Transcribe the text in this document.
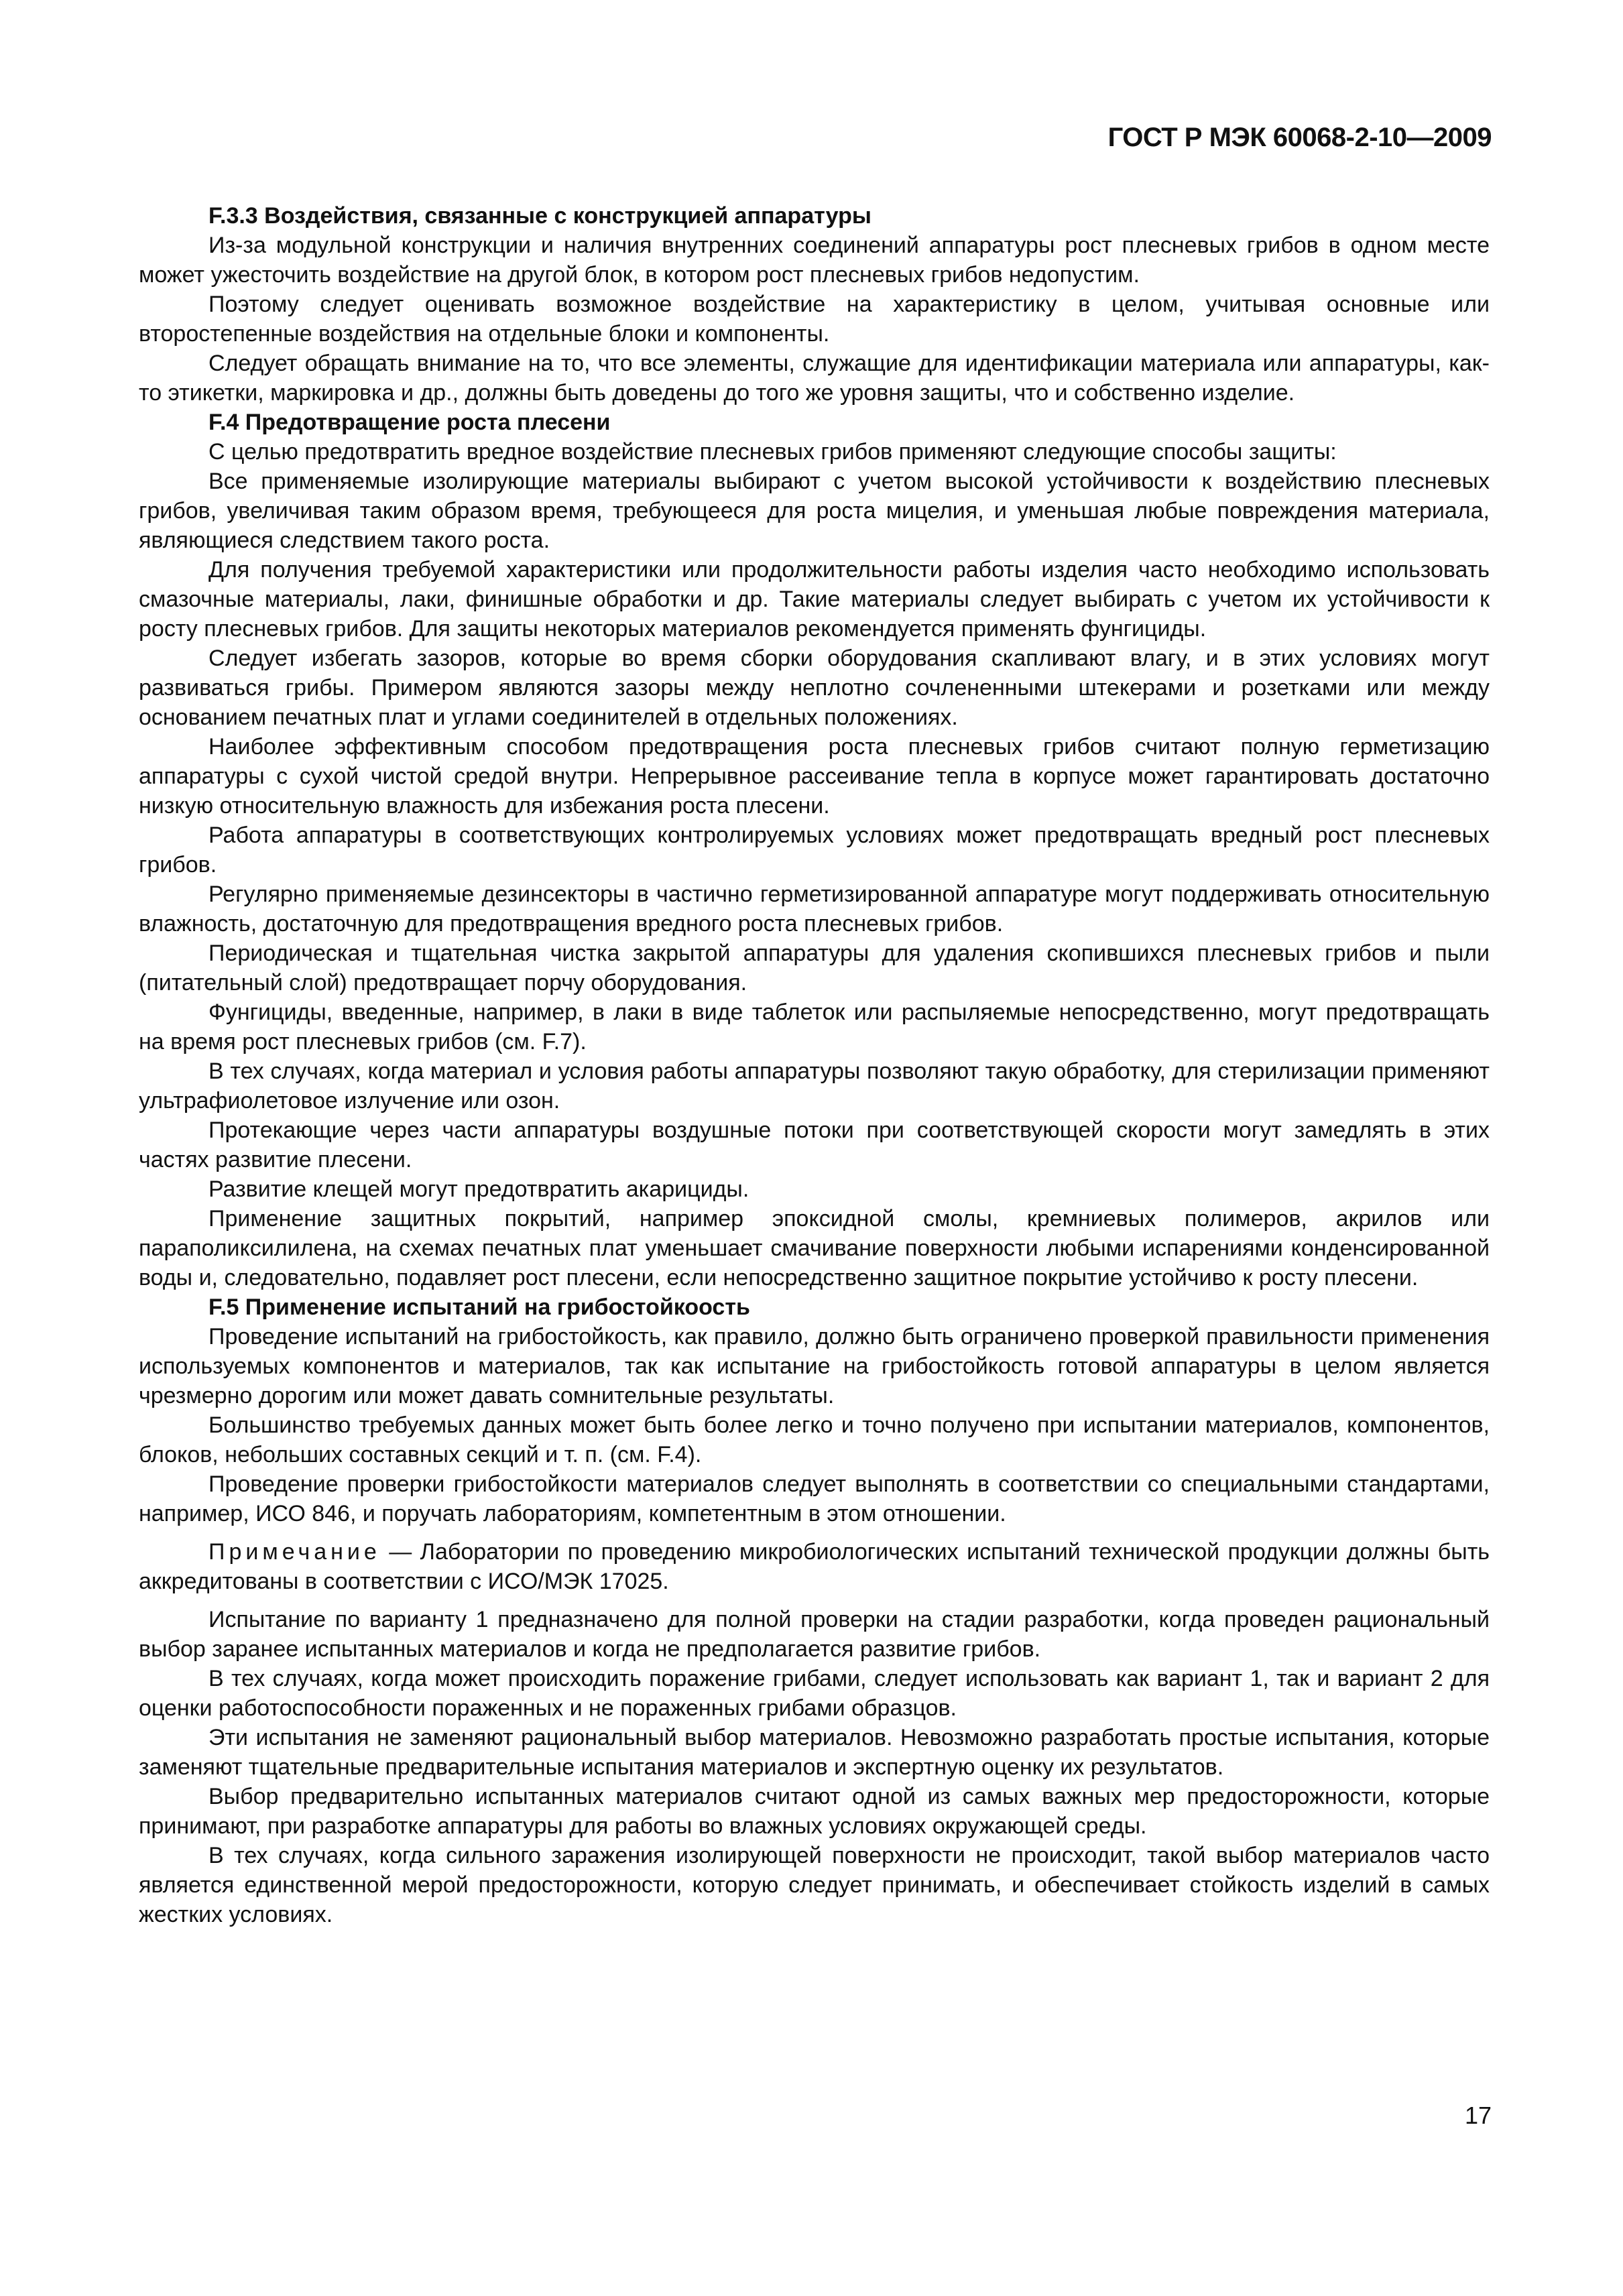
ГОСТ Р МЭК 60068-2-10—2009
F.3.3 Воздействия, связанные с конструкцией аппаратуры

Из-за модульной конструкции и наличия внутренних соединений аппаратуры рост плесневых грибов в одном месте может ужесточить воздействие на другой блок, в котором рост плесневых грибов недопустим.

Поэтому следует оценивать возможное воздействие на характеристику в целом, учитывая основные или второстепенные воздействия на отдельные блоки и компоненты.

Следует обращать внимание на то, что все элементы, служащие для идентификации материала или аппаратуры, как-то этикетки, маркировка и др., должны быть доведены до того же уровня защиты, что и собственно изделие.

F.4 Предотвращение роста плесени

С целью предотвратить вредное воздействие плесневых грибов применяют следующие способы защиты:

Все применяемые изолирующие материалы выбирают с учетом высокой устойчивости к воздействию плесневых грибов, увеличивая таким образом время, требующееся для роста мицелия, и уменьшая любые повреждения материала, являющиеся следствием такого роста.

Для получения требуемой характеристики или продолжительности работы изделия часто необходимо использовать смазочные материалы, лаки, финишные обработки и др. Такие материалы следует выбирать с учетом их устойчивости к росту плесневых грибов. Для защиты некоторых материалов рекомендуется применять фунгициды.

Следует избегать зазоров, которые во время сборки оборудования скапливают влагу, и в этих условиях могут развиваться грибы. Примером являются зазоры между неплотно сочлененными штекерами и розетками или между основанием печатных плат и углами соединителей в отдельных положениях.

Наиболее эффективным способом предотвращения роста плесневых грибов считают полную герметизацию аппаратуры с сухой чистой средой внутри. Непрерывное рассеивание тепла в корпусе может гарантировать достаточно низкую относительную влажность для избежания роста плесени.

Работа аппаратуры в соответствующих контролируемых условиях может предотвращать вредный рост плесневых грибов.

Регулярно применяемые дезинсекторы в частично герметизированной аппаратуре могут поддерживать относительную влажность, достаточную для предотвращения вредного роста плесневых грибов.

Периодическая и тщательная чистка закрытой аппаратуры для удаления скопившихся плесневых грибов и пыли (питательный слой) предотвращает порчу оборудования.

Фунгициды, введенные, например, в лаки в виде таблеток или распыляемые непосредственно, могут предотвращать на время рост плесневых грибов (см. F.7).

В тех случаях, когда материал и условия работы аппаратуры позволяют такую обработку, для стерилизации применяют ультрафиолетовое излучение или озон.

Протекающие через части аппаратуры воздушные потоки при соответствующей скорости могут замедлять в этих частях развитие плесени.

Развитие клещей могут предотвратить акарициды.

Применение защитных покрытий, например эпоксидной смолы, кремниевых полимеров, акрилов или параполиксилилена, на схемах печатных плат уменьшает смачивание поверхности любыми испарениями конденсированной воды и, следовательно, подавляет рост плесени, если непосредственно защитное покрытие устойчиво к росту плесени.

F.5 Применение испытаний на грибостойкоость

Проведение испытаний на грибостойкость, как правило, должно быть ограничено проверкой правильности применения используемых компонентов и материалов, так как испытание на грибостойкость готовой аппаратуры в целом является чрезмерно дорогим или может давать сомнительные результаты.

Большинство требуемых данных может быть более легко и точно получено при испытании материалов, компонентов, блоков, небольших составных секций и т. п. (см. F.4).

Проведение проверки грибостойкости материалов следует выполнять в соответствии со специальными стандартами, например, ИСО 846, и поручать лабораториям, компетентным в этом отношении.

Примечание — Лаборатории по проведению микробиологических испытаний технической продукции должны быть аккредитованы в соответствии с ИСО/МЭК 17025.

Испытание по варианту 1 предназначено для полной проверки на стадии разработки, когда проведен рациональный выбор заранее испытанных материалов и когда не предполагается развитие грибов.

В тех случаях, когда может происходить поражение грибами, следует использовать как вариант 1, так и вариант 2 для оценки работоспособности пораженных и не пораженных грибами образцов.

Эти испытания не заменяют рациональный выбор материалов. Невозможно разработать простые испытания, которые заменяют тщательные предварительные испытания материалов и экспертную оценку их результатов.

Выбор предварительно испытанных материалов считают одной из самых важных мер предосторожности, которые принимают, при разработке аппаратуры для работы во влажных условиях окружающей среды.

В тех случаях, когда сильного заражения изолирующей поверхности не происходит, такой выбор материалов часто является единственной мерой предосторожности, которую следует принимать, и обеспечивает стойкость изделий в самых жестких условиях.

17
